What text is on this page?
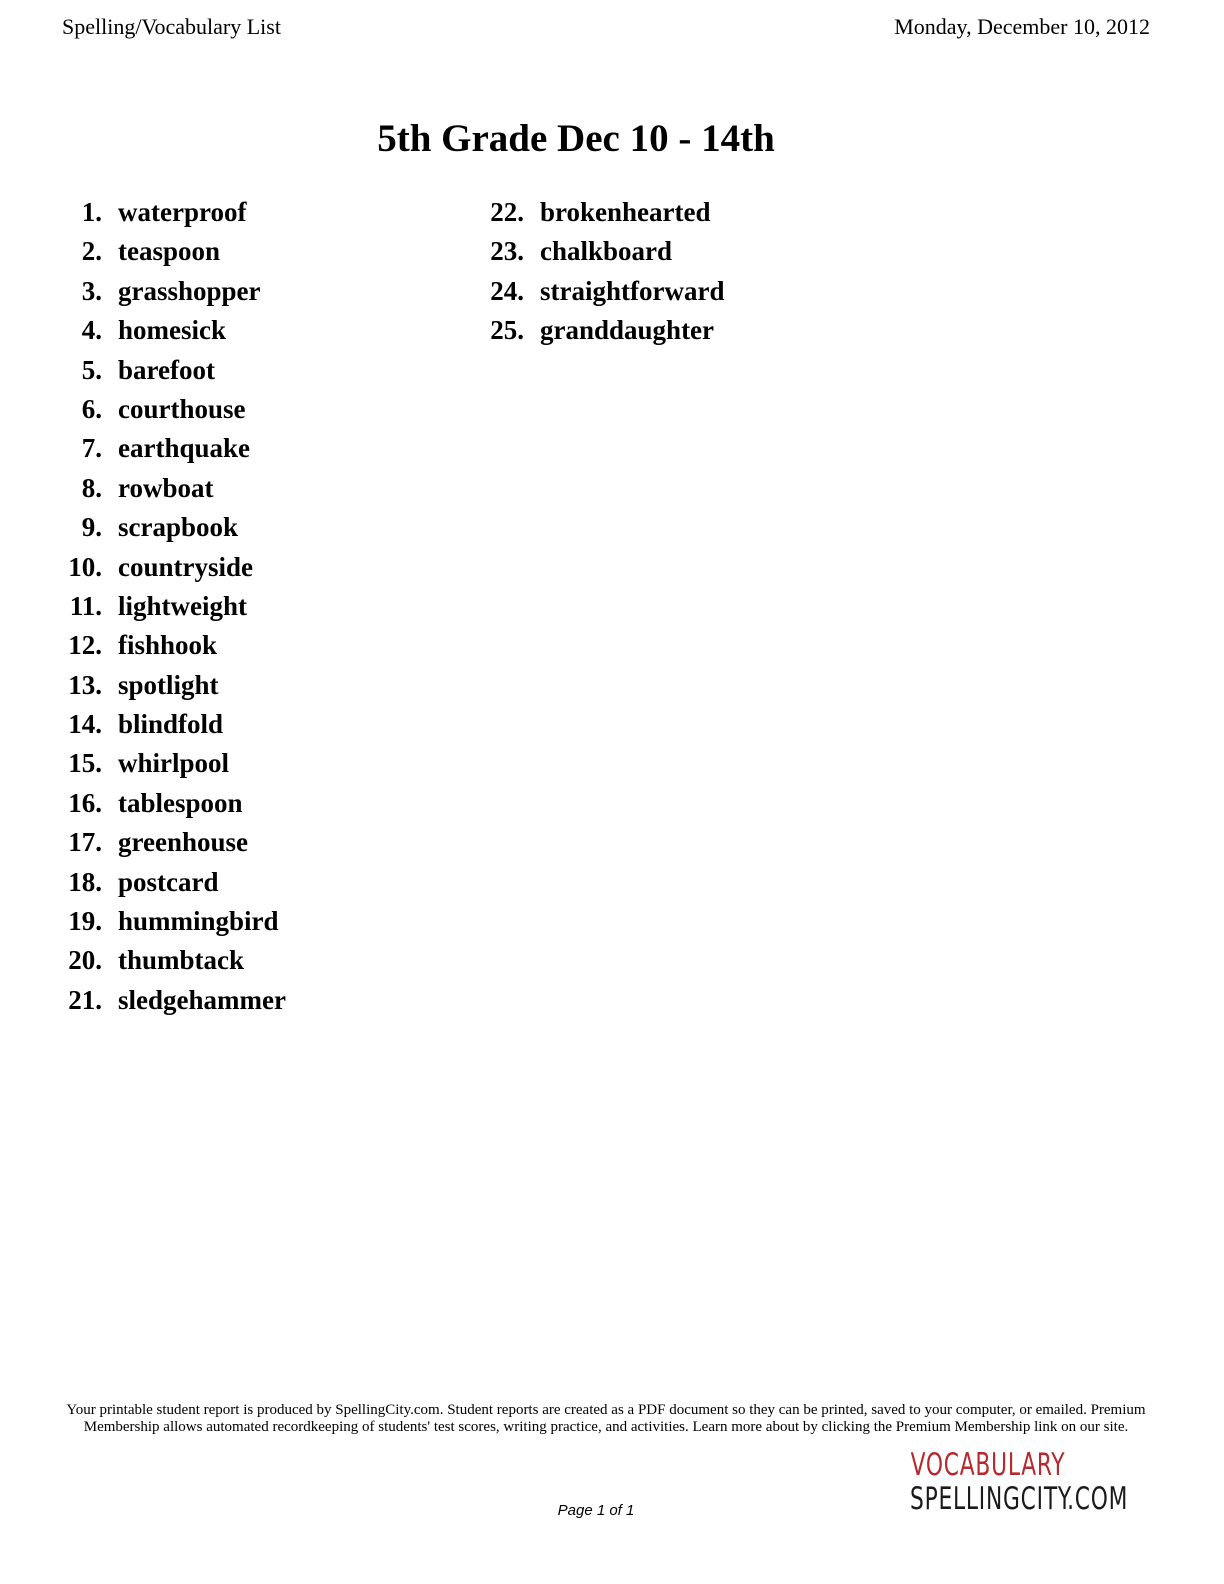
Spelling/Vocabulary List	Monday, December 10, 2012
5th Grade Dec 10 - 14th
1. waterproof
2. teaspoon
3. grasshopper
4. homesick
5. barefoot
6. courthouse
7. earthquake
8. rowboat
9. scrapbook
10. countryside
11. lightweight
12. fishhook
13. spotlight
14. blindfold
15. whirlpool
16. tablespoon
17. greenhouse
18. postcard
19. hummingbird
20. thumbtack
21. sledgehammer
22. brokenhearted
23. chalkboard
24. straightforward
25. granddaughter
Your printable student report is produced by SpellingCity.com. Student reports are created as a PDF document so they can be printed, saved to your computer, or emailed. Premium Membership allows automated recordkeeping of students' test scores, writing practice, and activities. Learn more about by clicking the Premium Membership link on our site.
Page 1 of 1
VOCABULARY
SPELLINGCITY.COM
